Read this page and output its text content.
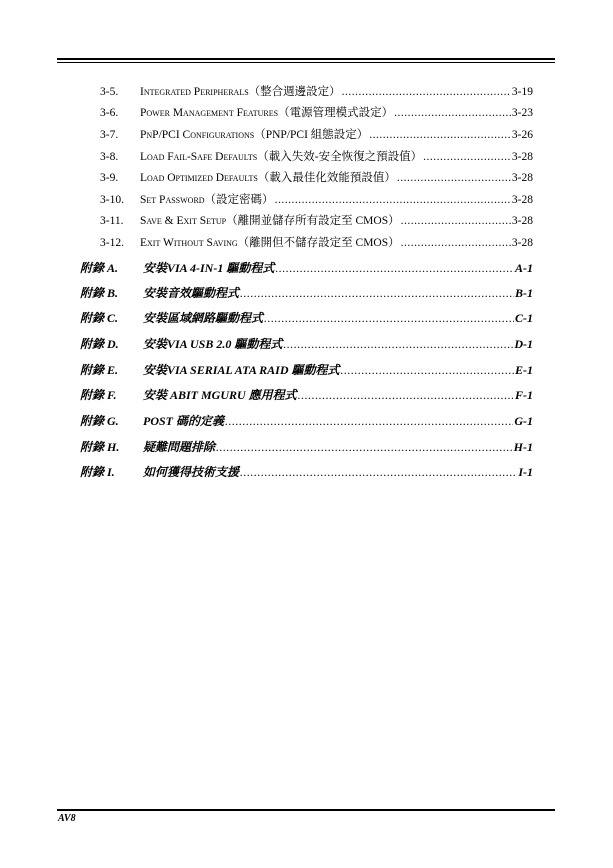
3-5.	Integrated Peripherals（整合週邊設定） .....	3-19
3-6.	Power Management Features（電源管理模式設定） .....	3-23
3-7.	PnP/PCI Configurations（PNP/PCI 組態設定） .....	3-26
3-8.	Load Fail-Safe Defaults（載入失效-安全恢復之預設值） .....	3-28
3-9.	Load Optimized Defaults（載入最佳化效能預設值） .....	3-28
3-10.	Set Password（設定密碼） .....	3-28
3-11.	Save & Exit Setup（離開並儲存所有設定至 CMOS） .....	3-28
3-12.	Exit Without Saving（離開但不儲存設定至 CMOS） .....	3-28
附錄 A.	安裝VIA 4-IN-1 驅動程式 .....	A-1
附錄 B.	安裝音效驅動程式 .....	B-1
附錄 C.	安裝區域網路驅動程式 .....	C-1
附錄 D.	安裝VIA USB 2.0 驅動程式 .....	D-1
附錄 E.	安裝VIA SERIAL ATA RAID 驅動程式 .....	E-1
附錄 F.	安裝 ABIT MGURU 應用程式 .....	F-1
附錄 G.	POST 碼的定義 .....	G-1
附錄 H.	疑難問題排除 .....	H-1
附錄 I.	如何獲得技術支援 .....	I-1
AV8
